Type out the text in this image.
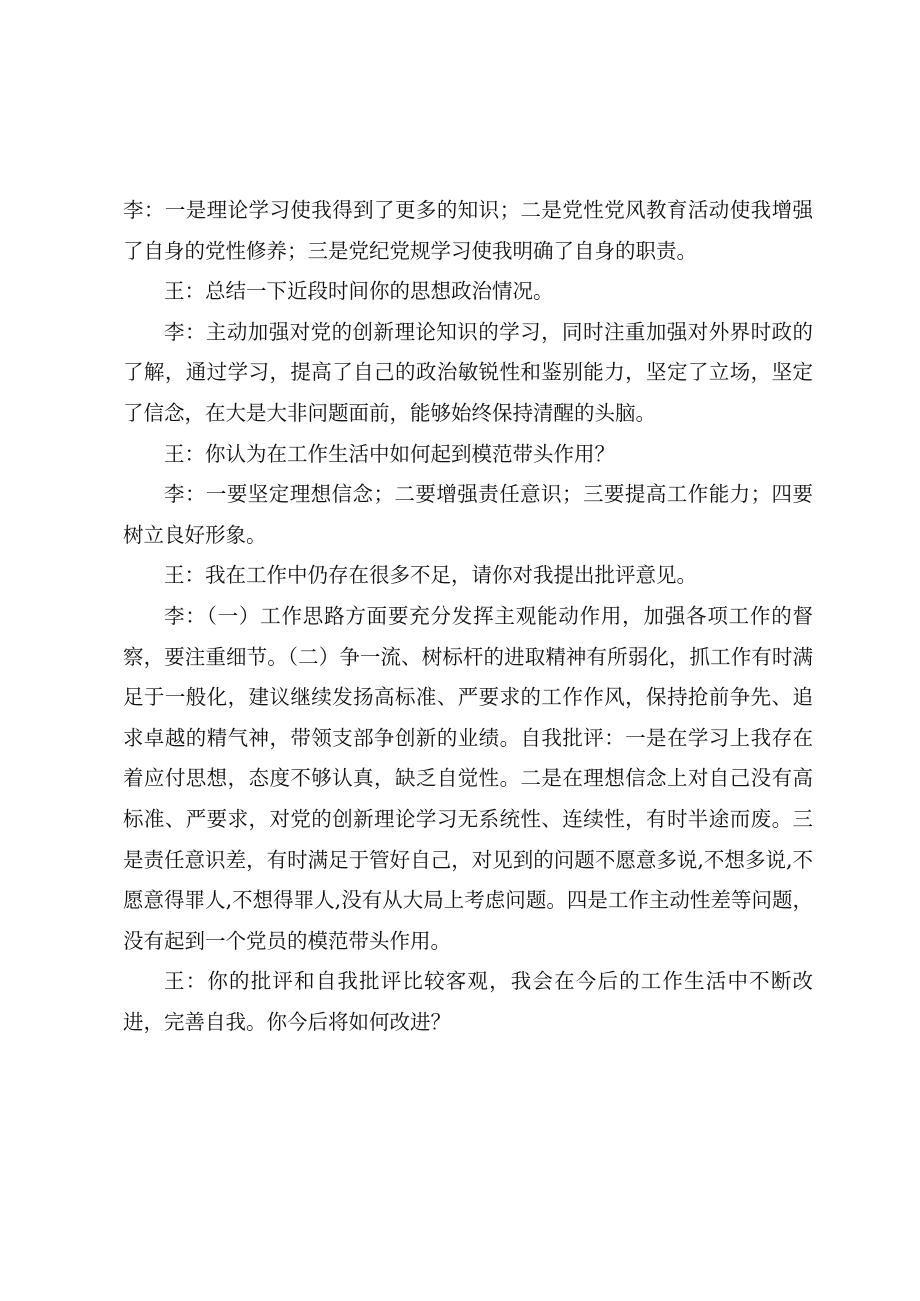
李：一是理论学习使我得到了更多的知识；二是党性党风教育活动使我增强了自身的党性修养；三是党纪党规学习使我明确了自身的职责。

王：总结一下近段时间你的思想政治情况。

李：主动加强对党的创新理论知识的学习，同时注重加强对外界时政的了解，通过学习，提高了自己的政治敏锐性和鉴别能力，坚定了立场，坚定了信念，在大是大非问题面前，能够始终保持清醒的头脑。

王：你认为在工作生活中如何起到模范带头作用？

李：一要坚定理想信念；二要增强责任意识；三要提高工作能力；四要树立良好形象。

王：我在工作中仍存在很多不足，请你对我提出批评意见。

李：（一）工作思路方面要充分发挥主观能动作用，加强各项工作的督察，要注重细节。（二）争一流、树标杆的进取精神有所弱化，抓工作有时满足于一般化，建议继续发扬高标准、严要求的工作作风，保持抢前争先、追求卓越的精气神，带领支部争创新的业绩。自我批评：一是在学习上我存在着应付思想，态度不够认真，缺乏自觉性。二是在理想信念上对自己没有高标准、严要求，对党的创新理论学习无系统性、连续性，有时半途而废。三是责任意识差，有时满足于管好自己，对见到的问题不愿意多说,不想多说,不愿意得罪人,不想得罪人,没有从大局上考虑问题。四是工作主动性差等问题，没有起到一个党员的模范带头作用。

王：你的批评和自我批评比较客观，我会在今后的工作生活中不断改进，完善自我。你今后将如何改进？
